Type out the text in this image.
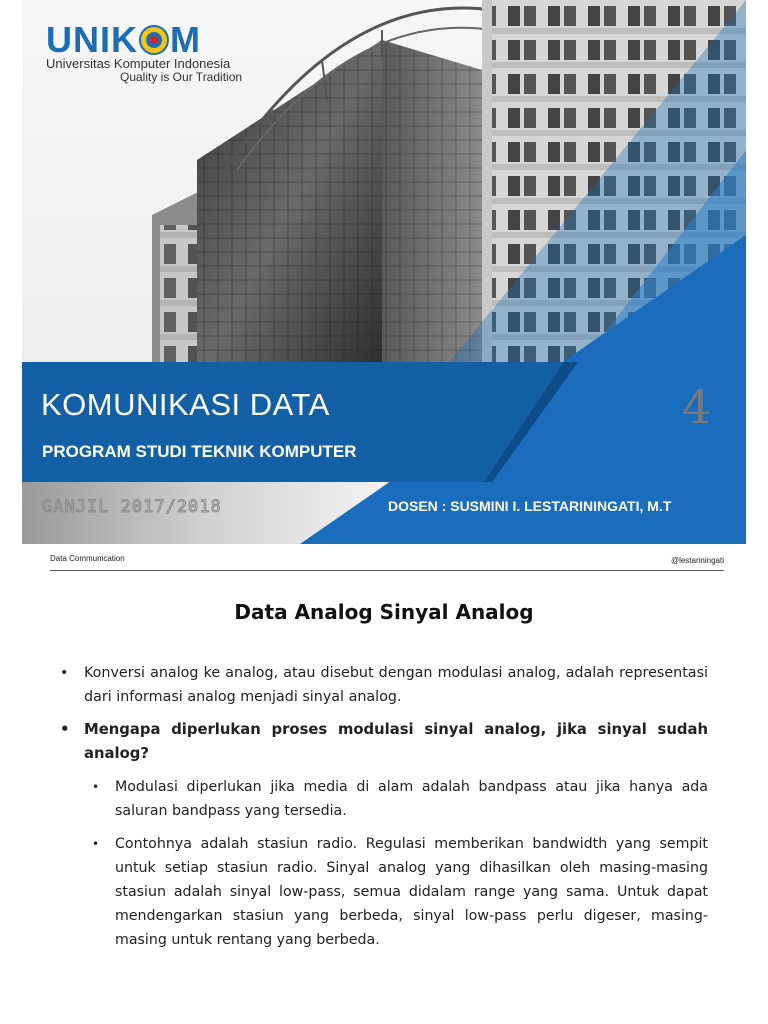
GANJIL 2017/2018
KOMUNIKASI DATA
PROGRAM STUDI TEKNIK KOMPUTER
4
DOSEN : SUSMINI I. LESTARININGATI, M.T
UNIK M
Universitas Komputer Indonesia
Quality is Our Tradition
Data Communication	@lestariningati
Data Analog Sinyal Analog
• Konversi analog ke analog, atau disebut dengan modulasi analog, adalah representasi dari informasi analog menjadi sinyal analog.
• Mengapa diperlukan proses modulasi sinyal analog, jika sinyal sudah analog?
• Modulasi diperlukan jika media di alam adalah bandpass atau jika hanya ada saluran bandpass yang tersedia.
• Contohnya adalah stasiun radio. Regulasi memberikan bandwidth yang sempit untuk setiap stasiun radio. Sinyal analog yang dihasilkan oleh masing-masing stasiun adalah sinyal low-pass, semua didalam range yang sama. Untuk dapat mendengarkan stasiun yang berbeda, sinyal low-pass perlu digeser, masing-masing untuk rentang yang berbeda.
